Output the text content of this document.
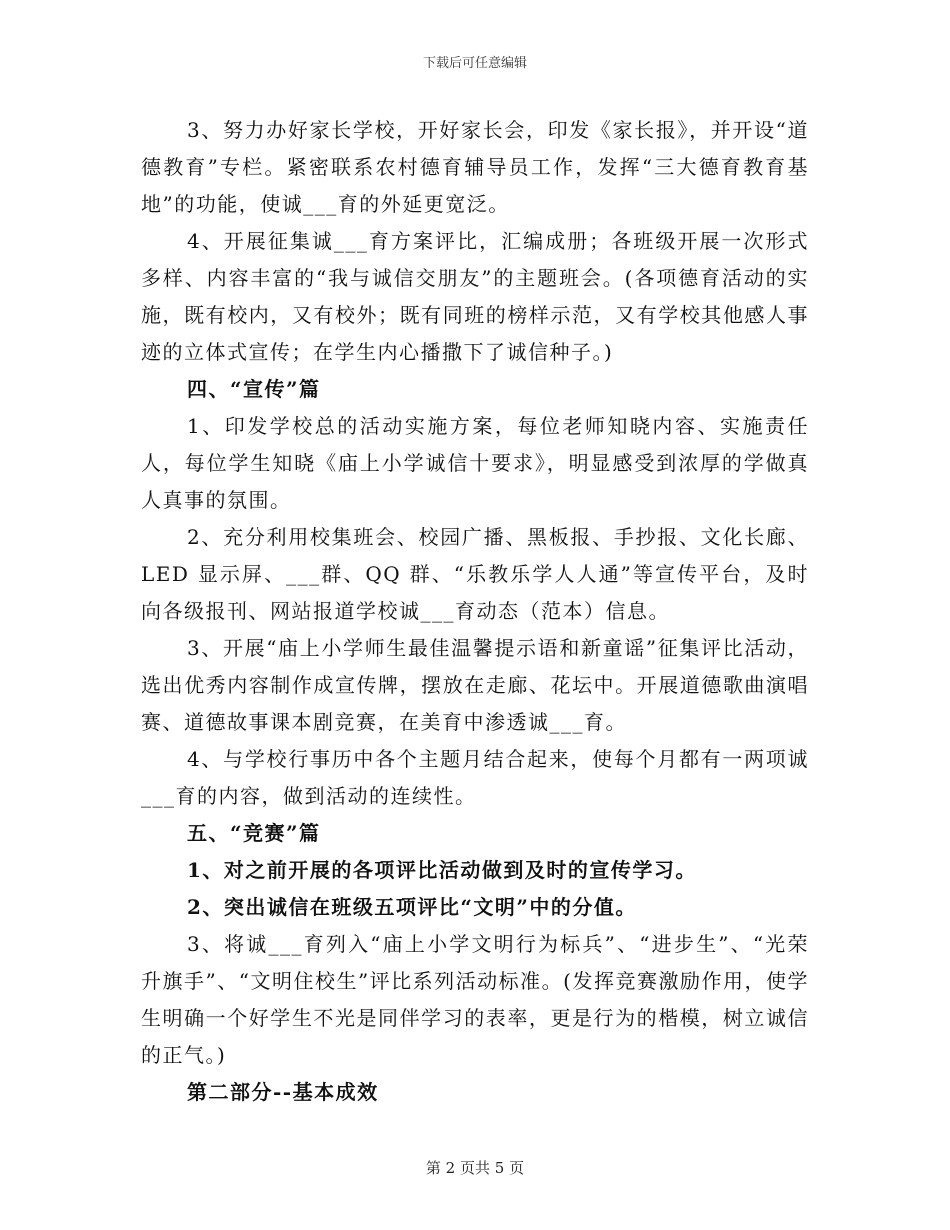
下载后可任意编辑

3、努力办好家长学校，开好家长会，印发《家长报》，并开设“道德教育”专栏。紧密联系农村德育辅导员工作，发挥“三大德育教育基地”的功能，使诚___育的外延更宽泛。

4、开展征集诚___育方案评比，汇编成册；各班级开展一次形式多样、内容丰富的“我与诚信交朋友”的主题班会。(各项德育活动的实施，既有校内，又有校外；既有同班的榜样示范，又有学校其他感人事迹的立体式宣传；在学生内心播撒下了诚信种子。)

四、“宣传”篇

1、印发学校总的活动实施方案，每位老师知晓内容、实施责任人，每位学生知晓《庙上小学诚信十要求》，明显感受到浓厚的学做真人真事的氛围。

2、充分利用校集班会、校园广播、黑板报、手抄报、文化长廊、LED 显示屏、___群、QQ 群、“乐教乐学人人通”等宣传平台，及时向各级报刊、网站报道学校诚___育动态（范本）信息。

3、开展“庙上小学师生最佳温馨提示语和新童谣”征集评比活动，选出优秀内容制作成宣传牌，摆放在走廊、花坛中。开展道德歌曲演唱赛、道德故事课本剧竞赛，在美育中渗透诚___育。

4、与学校行事历中各个主题月结合起来，使每个月都有一两项诚___育的内容，做到活动的连续性。

五、“竞赛”篇

1、对之前开展的各项评比活动做到及时的宣传学习。

2、突出诚信在班级五项评比“文明”中的分值。

3、将诚___育列入“庙上小学文明行为标兵”、“进步生”、“光荣升旗手”、“文明住校生”评比系列活动标准。(发挥竞赛激励作用，使学生明确一个好学生不光是同伴学习的表率，更是行为的楷模，树立诚信的正气。)

第二部分--基本成效

第 2 页共 5 页
